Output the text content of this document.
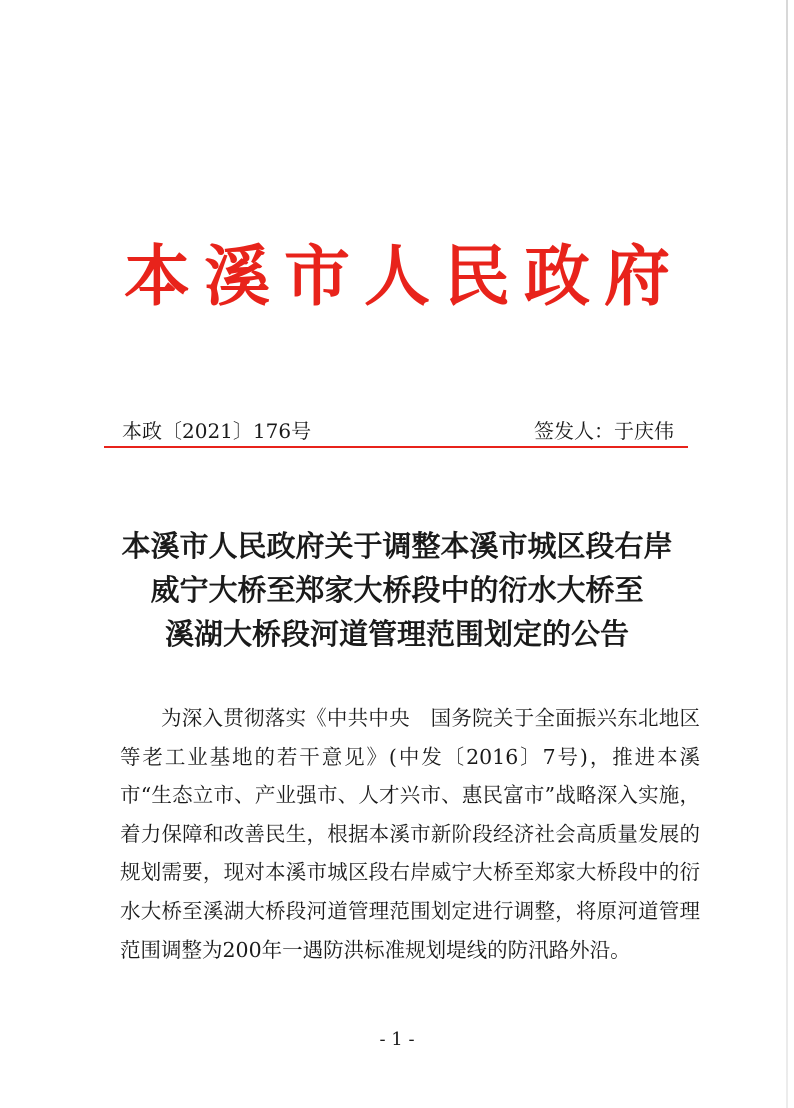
本溪市人民政府
本政〔2021〕176号	签发人：于庆伟
本溪市人民政府关于调整本溪市城区段右岸
威宁大桥至郑家大桥段中的衍水大桥至
溪湖大桥段河道管理范围划定的公告

为深入贯彻落实《中共中央　国务院关于全面振兴东北地区等老工业基地的若干意见》(中发〔2016〕7号)，推进本溪市“生态立市、产业强市、人才兴市、惠民富市”战略深入实施，着力保障和改善民生，根据本溪市新阶段经济社会高质量发展的规划需要，现对本溪市城区段右岸威宁大桥至郑家大桥段中的衍水大桥至溪湖大桥段河道管理范围划定进行调整，将原河道管理范围调整为200年一遇防洪标准规划堤线的防汛路外沿。

- 1 -
